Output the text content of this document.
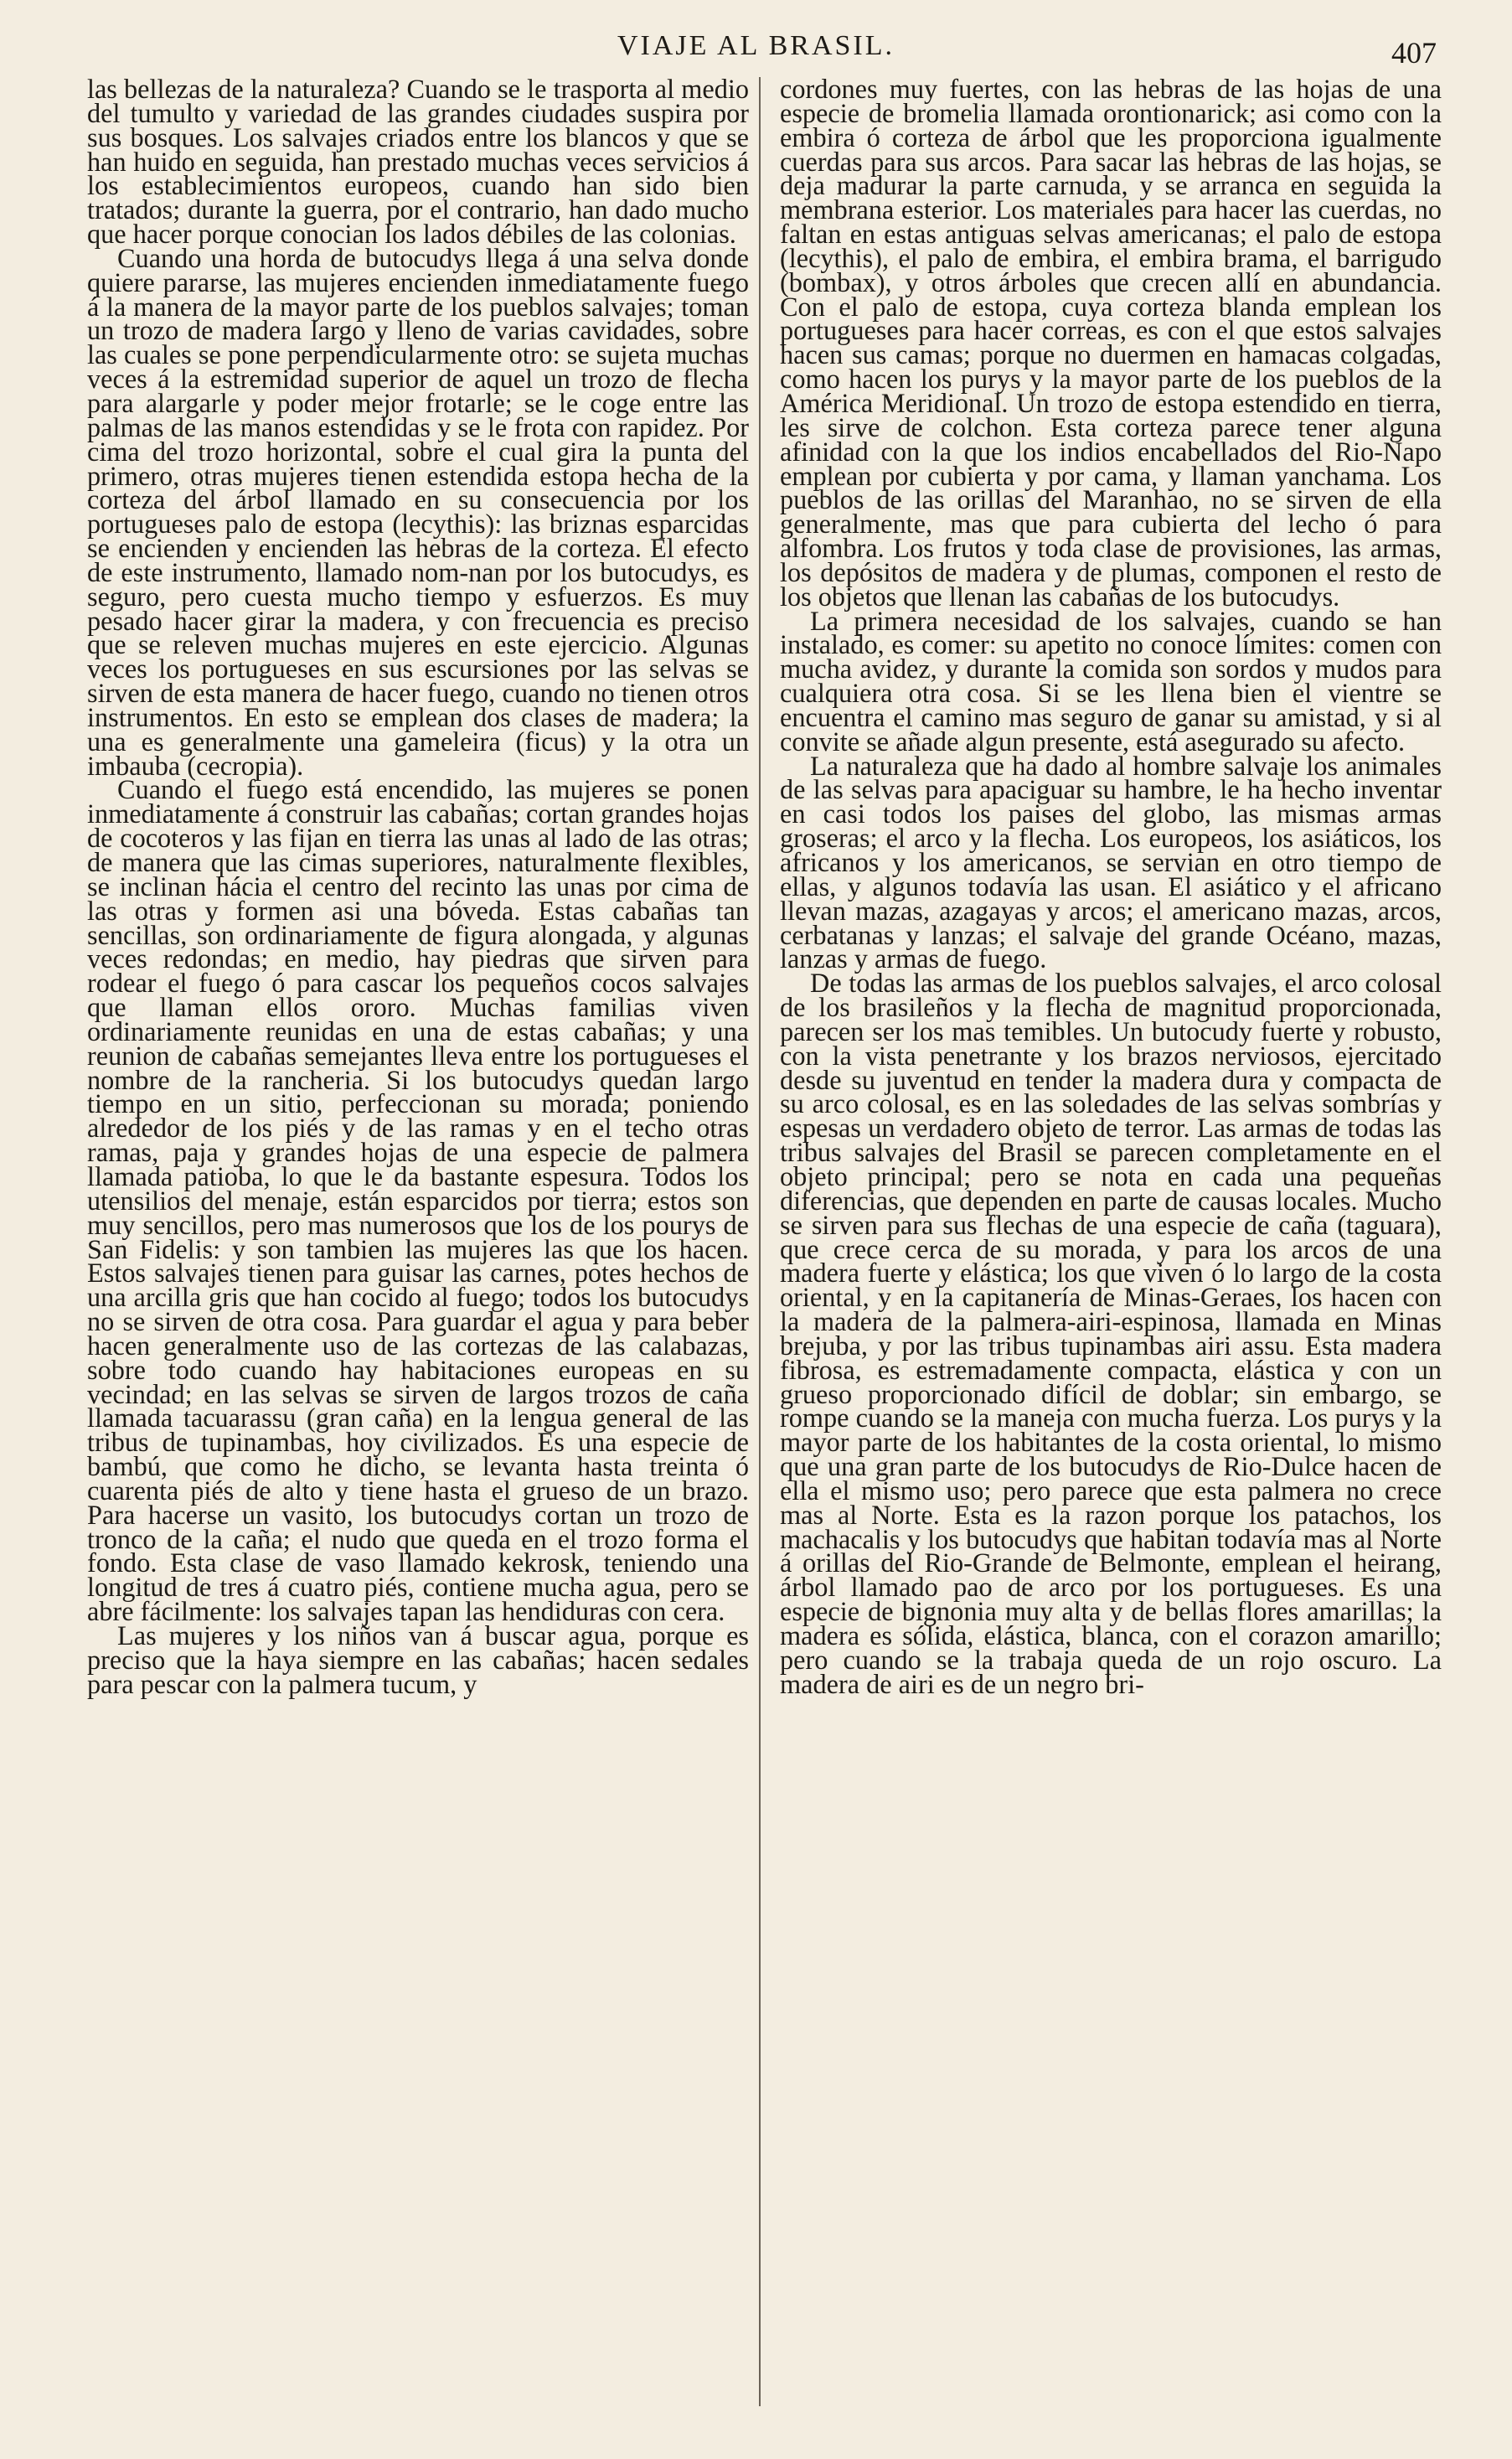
VIAJE AL BRASIL.	407

las bellezas de la naturaleza? Cuando se le trasporta al medio del tumulto y variedad de las grandes ciudades suspira por sus bosques. Los salvajes criados entre los blancos y que se han huido en seguida, han prestado muchas veces servicios á los establecimientos europeos, cuando han sido bien tratados; durante la guerra, por el contrario, han dado mucho que hacer porque conocian los lados débiles de las colonias.

Cuando una horda de butocudys llega á una selva donde quiere pararse, las mujeres encienden inmediatamente fuego á la manera de la mayor parte de los pueblos salvajes; toman un trozo de madera largo y lleno de varias cavidades, sobre las cuales se pone perpendicularmente otro: se sujeta muchas veces á la estremidad superior de aquel un trozo de flecha para alargarle y poder mejor frotarle; se le coge entre las palmas de las manos estendidas y se le frota con rapidez. Por cima del trozo horizontal, sobre el cual gira la punta del primero, otras mujeres tienen estendida estopa hecha de la corteza del árbol llamado en su consecuencia por los portugueses palo de estopa (lecythis): las briznas esparcidas se encienden y encienden las hebras de la corteza. El efecto de este instrumento, llamado nom-nan por los butocudys, es seguro, pero cuesta mucho tiempo y esfuerzos. Es muy pesado hacer girar la madera, y con frecuencia es preciso que se releven muchas mujeres en este ejercicio. Algunas veces los portugueses en sus escursiones por las selvas se sirven de esta manera de hacer fuego, cuando no tienen otros instrumentos. En esto se emplean dos clases de madera; la una es generalmente una gameleira (ficus) y la otra un imbauba (cecropia).

Cuando el fuego está encendido, las mujeres se ponen inmediatamente á construir las cabañas; cortan grandes hojas de cocoteros y las fijan en tierra las unas al lado de las otras; de manera que las cimas superiores, naturalmente flexibles, se inclinan hácia el centro del recinto las unas por cima de las otras y formen asi una bóveda. Estas cabañas tan sencillas, son ordinariamente de figura alongada, y algunas veces redondas; en medio, hay piedras que sirven para rodear el fuego ó para cascar los pequeños cocos salvajes que llaman ellos ororo. Muchas familias viven ordinariamente reunidas en una de estas cabañas; y una reunion de cabañas semejantes lleva entre los portugueses el nombre de la rancheria. Si los butocudys quedan largo tiempo en un sitio, perfeccionan su morada; poniendo alrededor de los piés y de las ramas y en el techo otras ramas, paja y grandes hojas de una especie de palmera llamada patioba, lo que le da bastante espesura. Todos los utensilios del menaje, están esparcidos por tierra; estos son muy sencillos, pero mas numerosos que los de los pourys de San Fidelis: y son tambien las mujeres las que los hacen. Estos salvajes tienen para guisar las carnes, potes hechos de una arcilla gris que han cocido al fuego; todos los butocudys no se sirven de otra cosa. Para guardar el agua y para beber hacen generalmente uso de las cortezas de las calabazas, sobre todo cuando hay habitaciones europeas en su vecindad; en las selvas se sirven de largos trozos de caña llamada tacuarassu (gran caña) en la lengua general de las tribus de tupinambas, hoy civilizados. Es una especie de bambú, que como he dicho, se levanta hasta treinta ó cuarenta piés de alto y tiene hasta el grueso de un brazo. Para hacerse un vasito, los butocudys cortan un trozo de tronco de la caña; el nudo que queda en el trozo forma el fondo. Esta clase de vaso llamado kekrosk, teniendo una longitud de tres á cuatro piés, contiene mucha agua, pero se abre fácilmente: los salvajes tapan las hendiduras con cera.

Las mujeres y los niños van á buscar agua, porque es preciso que la haya siempre en las cabañas; hacen sedales para pescar con la palmera tucum, y

cordones muy fuertes, con las hebras de las hojas de una especie de bromelia llamada orontionarick; asi como con la embira ó corteza de árbol que les proporciona igualmente cuerdas para sus arcos. Para sacar las hebras de las hojas, se deja madurar la parte carnuda, y se arranca en seguida la membrana esterior. Los materiales para hacer las cuerdas, no faltan en estas antiguas selvas americanas; el palo de estopa (lecythis), el palo de embira, el embira brama, el barrigudo (bombax), y otros árboles que crecen allí en abundancia. Con el palo de estopa, cuya corteza blanda emplean los portugueses para hacer correas, es con el que estos salvajes hacen sus camas; porque no duermen en hamacas colgadas, como hacen los purys y la mayor parte de los pueblos de la América Meridional. Un trozo de estopa estendido en tierra, les sirve de colchon. Esta corteza parece tener alguna afinidad con la que los indios encabellados del Rio-Napo emplean por cubierta y por cama, y llaman yanchama. Los pueblos de las orillas del Maranhao, no se sirven de ella generalmente, mas que para cubierta del lecho ó para alfombra. Los frutos y toda clase de provisiones, las armas, los depósitos de madera y de plumas, componen el resto de los objetos que llenan las cabañas de los butocudys.

La primera necesidad de los salvajes, cuando se han instalado, es comer: su apetito no conoce límites: comen con mucha avidez, y durante la comida son sordos y mudos para cualquiera otra cosa. Si se les llena bien el vientre se encuentra el camino mas seguro de ganar su amistad, y si al convite se añade algun presente, está asegurado su afecto.

La naturaleza que ha dado al hombre salvaje los animales de las selvas para apaciguar su hambre, le ha hecho inventar en casi todos los paises del globo, las mismas armas groseras; el arco y la flecha. Los europeos, los asiáticos, los africanos y los americanos, se servian en otro tiempo de ellas, y algunos todavía las usan. El asiático y el africano llevan mazas, azagayas y arcos; el americano mazas, arcos, cerbatanas y lanzas; el salvaje del grande Océano, mazas, lanzas y armas de fuego.

De todas las armas de los pueblos salvajes, el arco colosal de los brasileños y la flecha de magnitud proporcionada, parecen ser los mas temibles. Un butocudy fuerte y robusto, con la vista penetrante y los brazos nerviosos, ejercitado desde su juventud en tender la madera dura y compacta de su arco colosal, es en las soledades de las selvas sombrías y espesas un verdadero objeto de terror. Las armas de todas las tribus salvajes del Brasil se parecen completamente en el objeto principal; pero se nota en cada una pequeñas diferencias, que dependen en parte de causas locales. Mucho se sirven para sus flechas de una especie de caña (taguara), que crece cerca de su morada, y para los arcos de una madera fuerte y elástica; los que viven ó lo largo de la costa oriental, y en la capitanería de Minas-Geraes, los hacen con la madera de la palmera-airi-espinosa, llamada en Minas brejuba, y por las tribus tupinambas airi assu. Esta madera fibrosa, es estremadamente compacta, elástica y con un grueso proporcionado difícil de doblar; sin embargo, se rompe cuando se la maneja con mucha fuerza. Los purys y la mayor parte de los habitantes de la costa oriental, lo mismo que una gran parte de los butocudys de Rio-Dulce hacen de ella el mismo uso; pero parece que esta palmera no crece mas al Norte. Esta es la razon porque los patachos, los machacalis y los butocudys que habitan todavía mas al Norte á orillas del Rio-Grande de Belmonte, emplean el heirang, árbol llamado pao de arco por los portugueses. Es una especie de bignonia muy alta y de bellas flores amarillas; la madera es sólida, elástica, blanca, con el corazon amarillo; pero cuando se la trabaja queda de un rojo oscuro. La madera de airi es de un negro bri-
